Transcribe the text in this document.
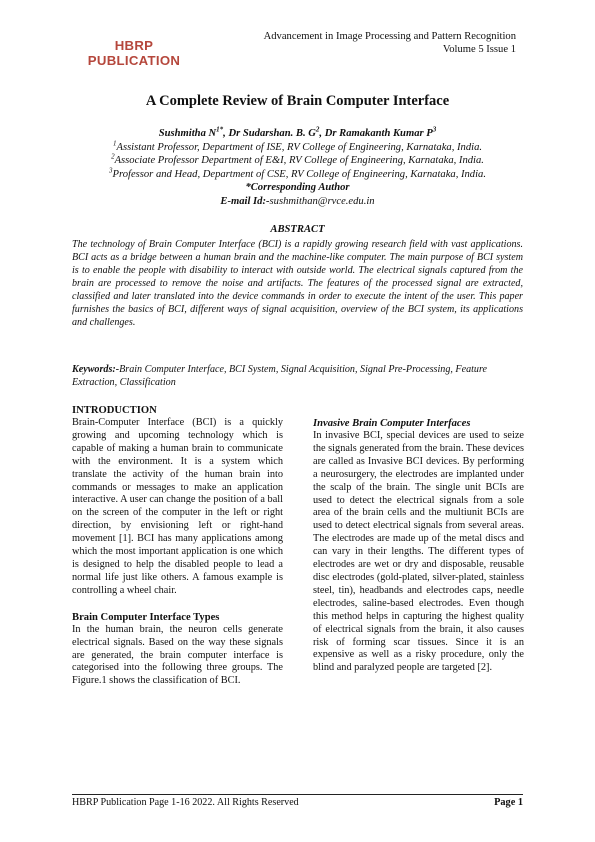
HBRP
PUBLICATION
Advancement in Image Processing and Pattern Recognition
Volume 5 Issue 1
A Complete Review of Brain Computer Interface
Sushmitha $N^{1*}$, Dr Sudarshan. B. $G^2$, Dr Ramakanth Kumar $P^3$
$^1$Assistant Professor, Department of ISE, RV College of Engineering, Karnataka, India.
$^2$Associate Professor Department of E&I, RV College of Engineering, Karnataka, India.
$^3$Professor and Head, Department of CSE, RV College of Engineering, Karnataka, India.
*Corresponding Author
E-mail Id:-sushmithan@rvce.edu.in
ABSTRACT

The technology of Brain Computer Interface (BCI) is a rapidly growing research field with vast applications. BCI acts as a bridge between a human brain and the machine-like computer. The main purpose of BCI system is to enable the people with disability to interact with outside world. The electrical signals captured from the brain are processed to remove the noise and artifacts. The features of the processed signal are extracted, classified and later translated into the device commands in order to execute the intent of the user. This paper furnishes the basics of BCI, different ways of signal acquisition, overview of the BCI system, its applications and challenges.

Keywords:-Brain Computer Interface, BCI System, Signal Acquisition, Signal Pre-Processing, Feature Extraction, Classification

INTRODUCTION

Brain-Computer Interface (BCI) is a quickly growing and upcoming technology which is capable of making a human brain to communicate with the environment. It is a system which translate the activity of the human brain into commands or messages to make an application interactive. A user can change the position of a ball on the screen of the computer in the left or right direction, by envisioning left or right-hand movement [1]. BCI has many applications among which the most important application is one which is designed to help the disabled people to lead a normal life just like others. A famous example is controlling a wheel chair.

Brain Computer Interface Types

In the human brain, the neuron cells generate electrical signals. Based on the way these signals are generated, the brain computer interface is categorised into the following three groups. The Figure.1 shows the classification of BCI.

Invasive Brain Computer Interfaces

In invasive BCI, special devices are used to seize the signals generated from the brain. These devices are called as Invasive BCI devices. By performing a neurosurgery, the electrodes are implanted under the scalp of the brain. The single unit BCIs are used to detect the electrical signals from a sole area of the brain cells and the multiunit BCIs are used to detect electrical signals from several areas. The electrodes are made up of the metal discs and can vary in their lengths. The different types of electrodes are wet or dry and disposable, reusable disc electrodes (gold-plated, silver-plated, stainless steel, tin), headbands and electrodes caps, needle electrodes, saline-based electrodes. Even though this method helps in capturing the highest quality of electrical signals from the brain, it also causes risk of forming scar tissues. Since it is an expensive as well as a risky procedure, only the blind and paralyzed people are targeted [2].

HBRP Publication Page 1-16 2022. All Rights Reserved	Page 1
